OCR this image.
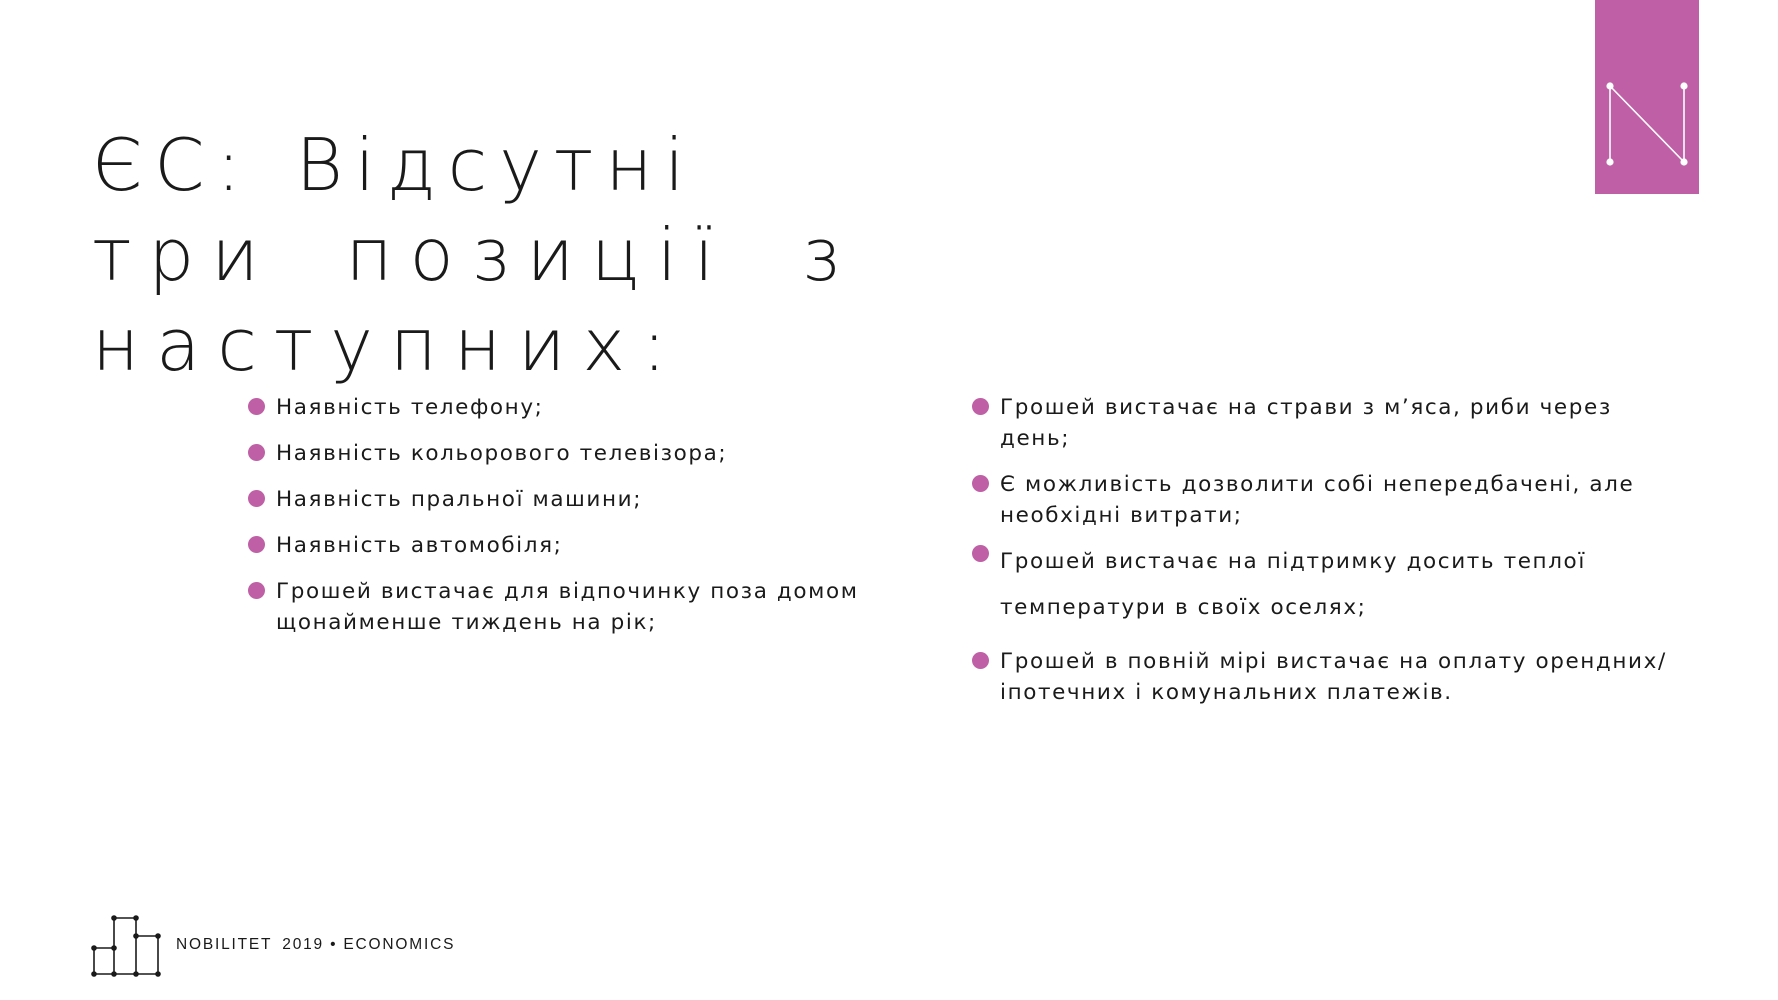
ЄС: Відсутні
три позиції з наступних:
Наявність телефону;
Наявність кольорового телевізора;
Наявність пральної машини;
Наявність автомобіля;
Грошей вистачає для відпочинку поза домом щонайменше тиждень на рік;
Грошей вистачає на страви з м’яса, риби через день;
Є можливість дозволити собі непередбачені, але необхідні витрати;
Грошей вистачає на підтримку досить теплої температури в своїх оселях;
Грошей в повній мірі вистачає на оплату орендних/ іпотечних і комунальних платежів.
NOBILITET 2019 • ECONOMICS
